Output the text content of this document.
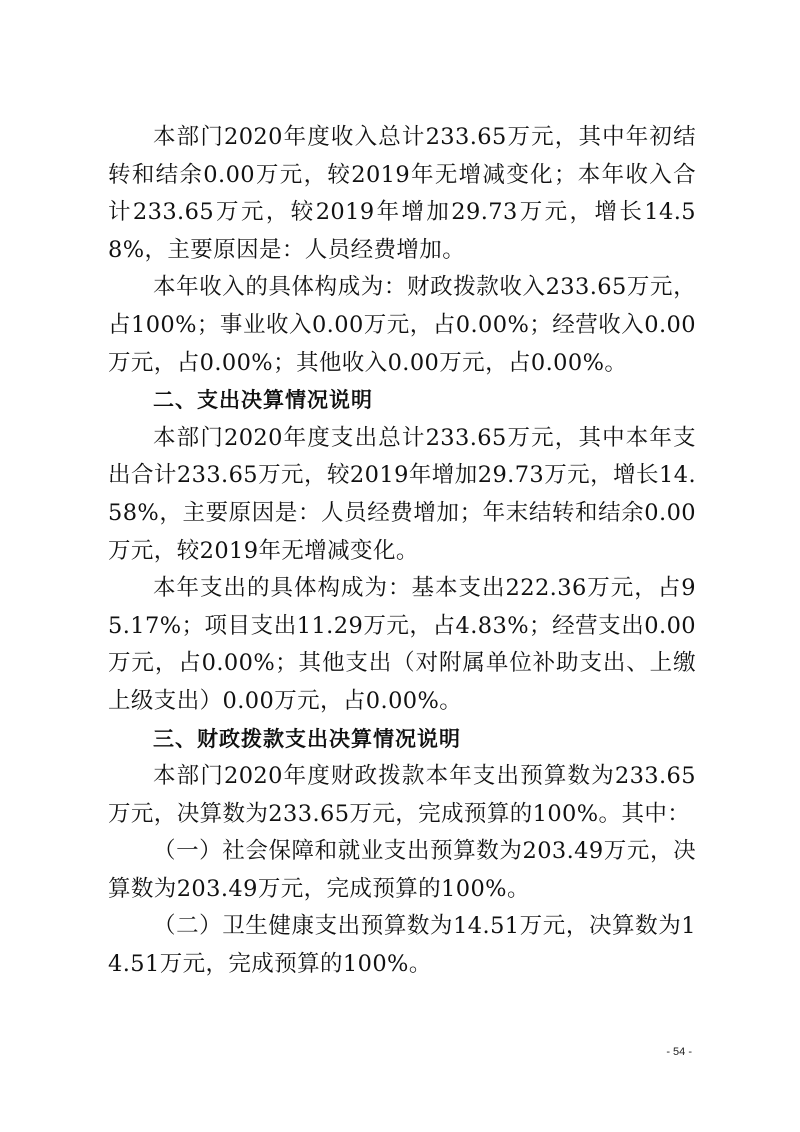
本部门2020年度收入总计233.65万元，其中年初结转和结余0.00万元，较2019年无增减变化；本年收入合计233.65万元，较2019年增加29.73万元，增长14.58%，主要原因是：人员经费增加。

本年收入的具体构成为：财政拨款收入233.65万元，占100%；事业收入0.00万元，占0.00%；经营收入0.00万元，占0.00%；其他收入0.00万元，占0.00%。

二、支出决算情况说明

本部门2020年度支出总计233.65万元，其中本年支出合计233.65万元，较2019年增加29.73万元，增长14.58%，主要原因是：人员经费增加；年末结转和结余0.00万元，较2019年无增减变化。

本年支出的具体构成为：基本支出222.36万元，占95.17%；项目支出11.29万元，占4.83%；经营支出0.00万元，占0.00%；其他支出（对附属单位补助支出、上缴上级支出）0.00万元，占0.00%。

三、财政拨款支出决算情况说明

本部门2020年度财政拨款本年支出预算数为233.65万元，决算数为233.65万元，完成预算的100%。其中：

（一）社会保障和就业支出预算数为203.49万元，决算数为203.49万元，完成预算的100%。

（二）卫生健康支出预算数为14.51万元，决算数为14.51万元，完成预算的100%。

- 54 -
